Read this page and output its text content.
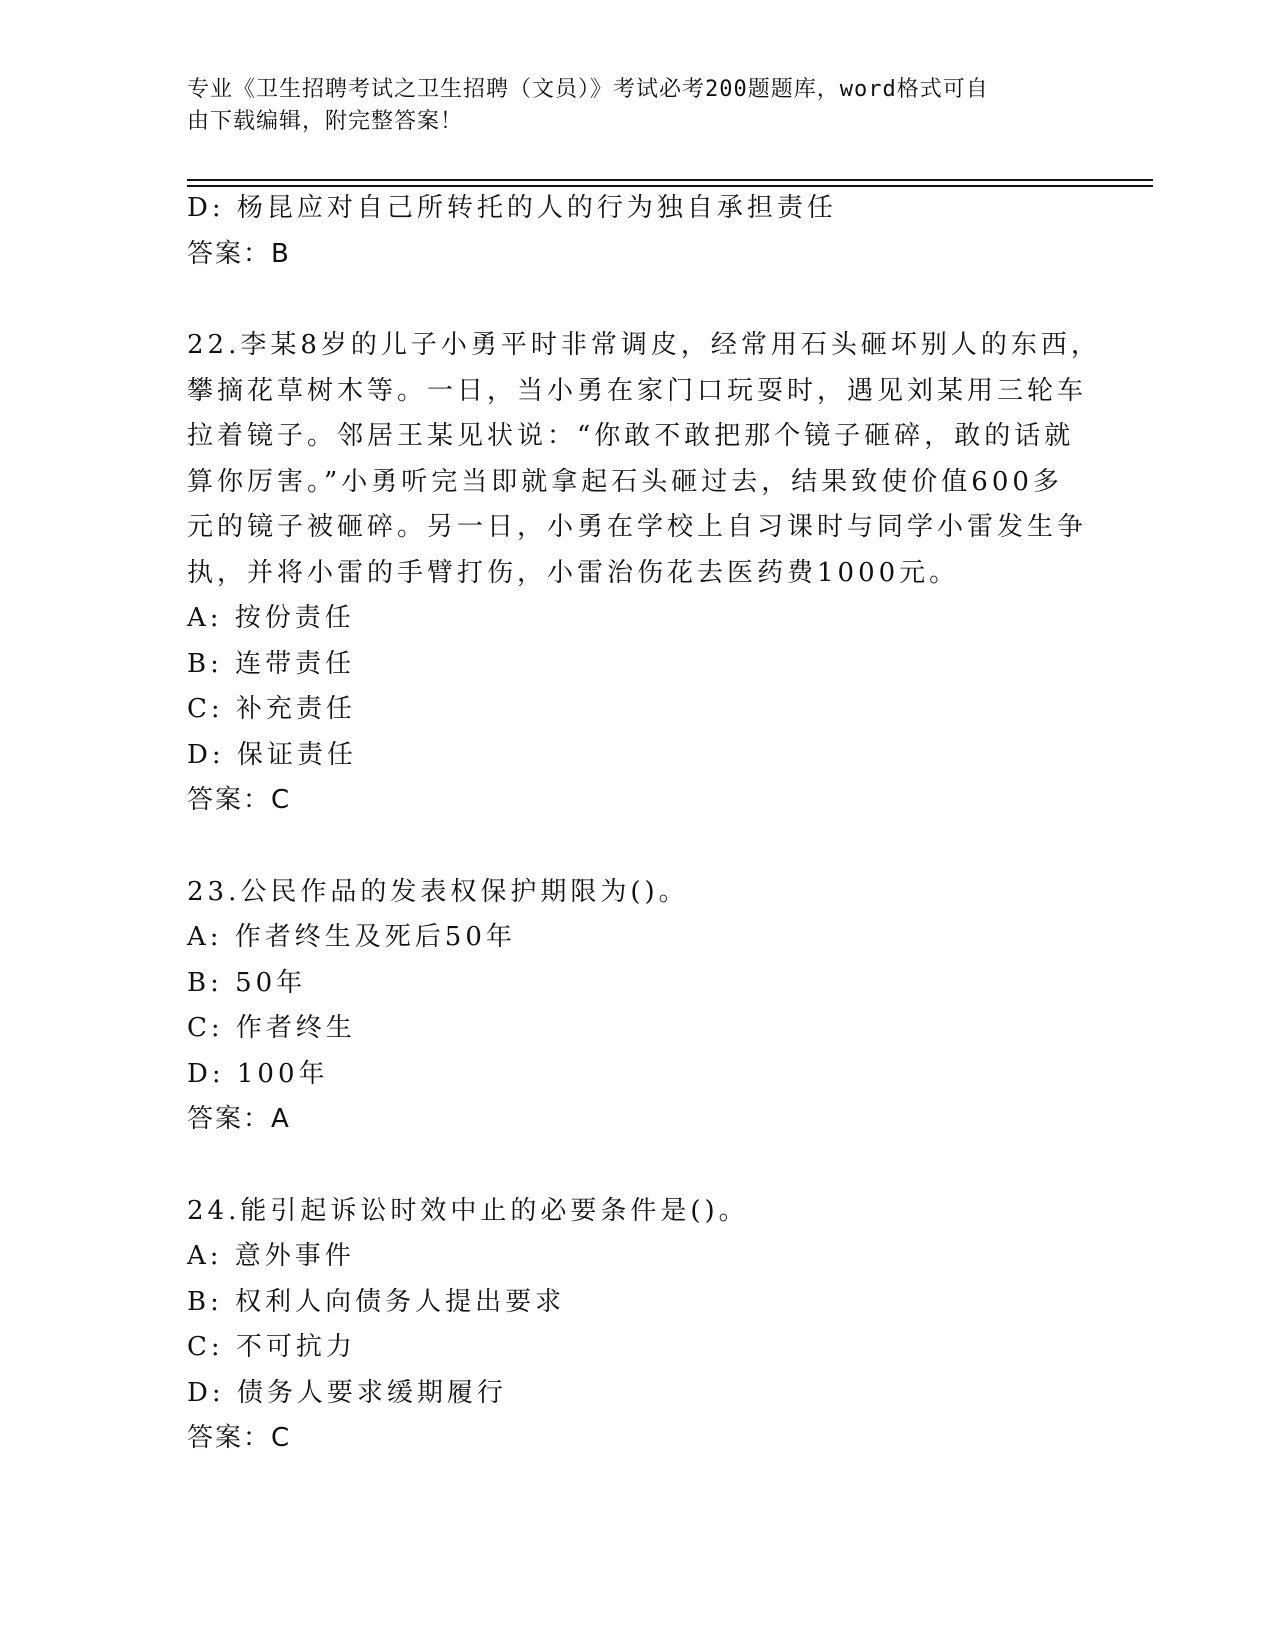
专业《卫生招聘考试之卫生招聘（文员）》考试必考200题题库，word格式可自
由下载编辑，附完整答案！
D: 杨昆应对自己所转托的人的行为独自承担责任
答案：B
22.李某8岁的儿子小勇平时非常调皮，经常用石头砸坏别人的东西，
攀摘花草树木等。一日，当小勇在家门口玩耍时，遇见刘某用三轮车
拉着镜子。邻居王某见状说：“你敢不敢把那个镜子砸碎，敢的话就
算你厉害。”小勇听完当即就拿起石头砸过去，结果致使价值600多
元的镜子被砸碎。另一日，小勇在学校上自习课时与同学小雷发生争
执，并将小雷的手臂打伤，小雷治伤花去医药费1000元。
A: 按份责任
B: 连带责任
C: 补充责任
D: 保证责任
答案：C
23.公民作品的发表权保护期限为()。
A: 作者终生及死后50年
B: 50年
C: 作者终生
D: 100年
答案：A
24.能引起诉讼时效中止的必要条件是()。
A: 意外事件
B: 权利人向债务人提出要求
C: 不可抗力
D: 债务人要求缓期履行
答案：C
